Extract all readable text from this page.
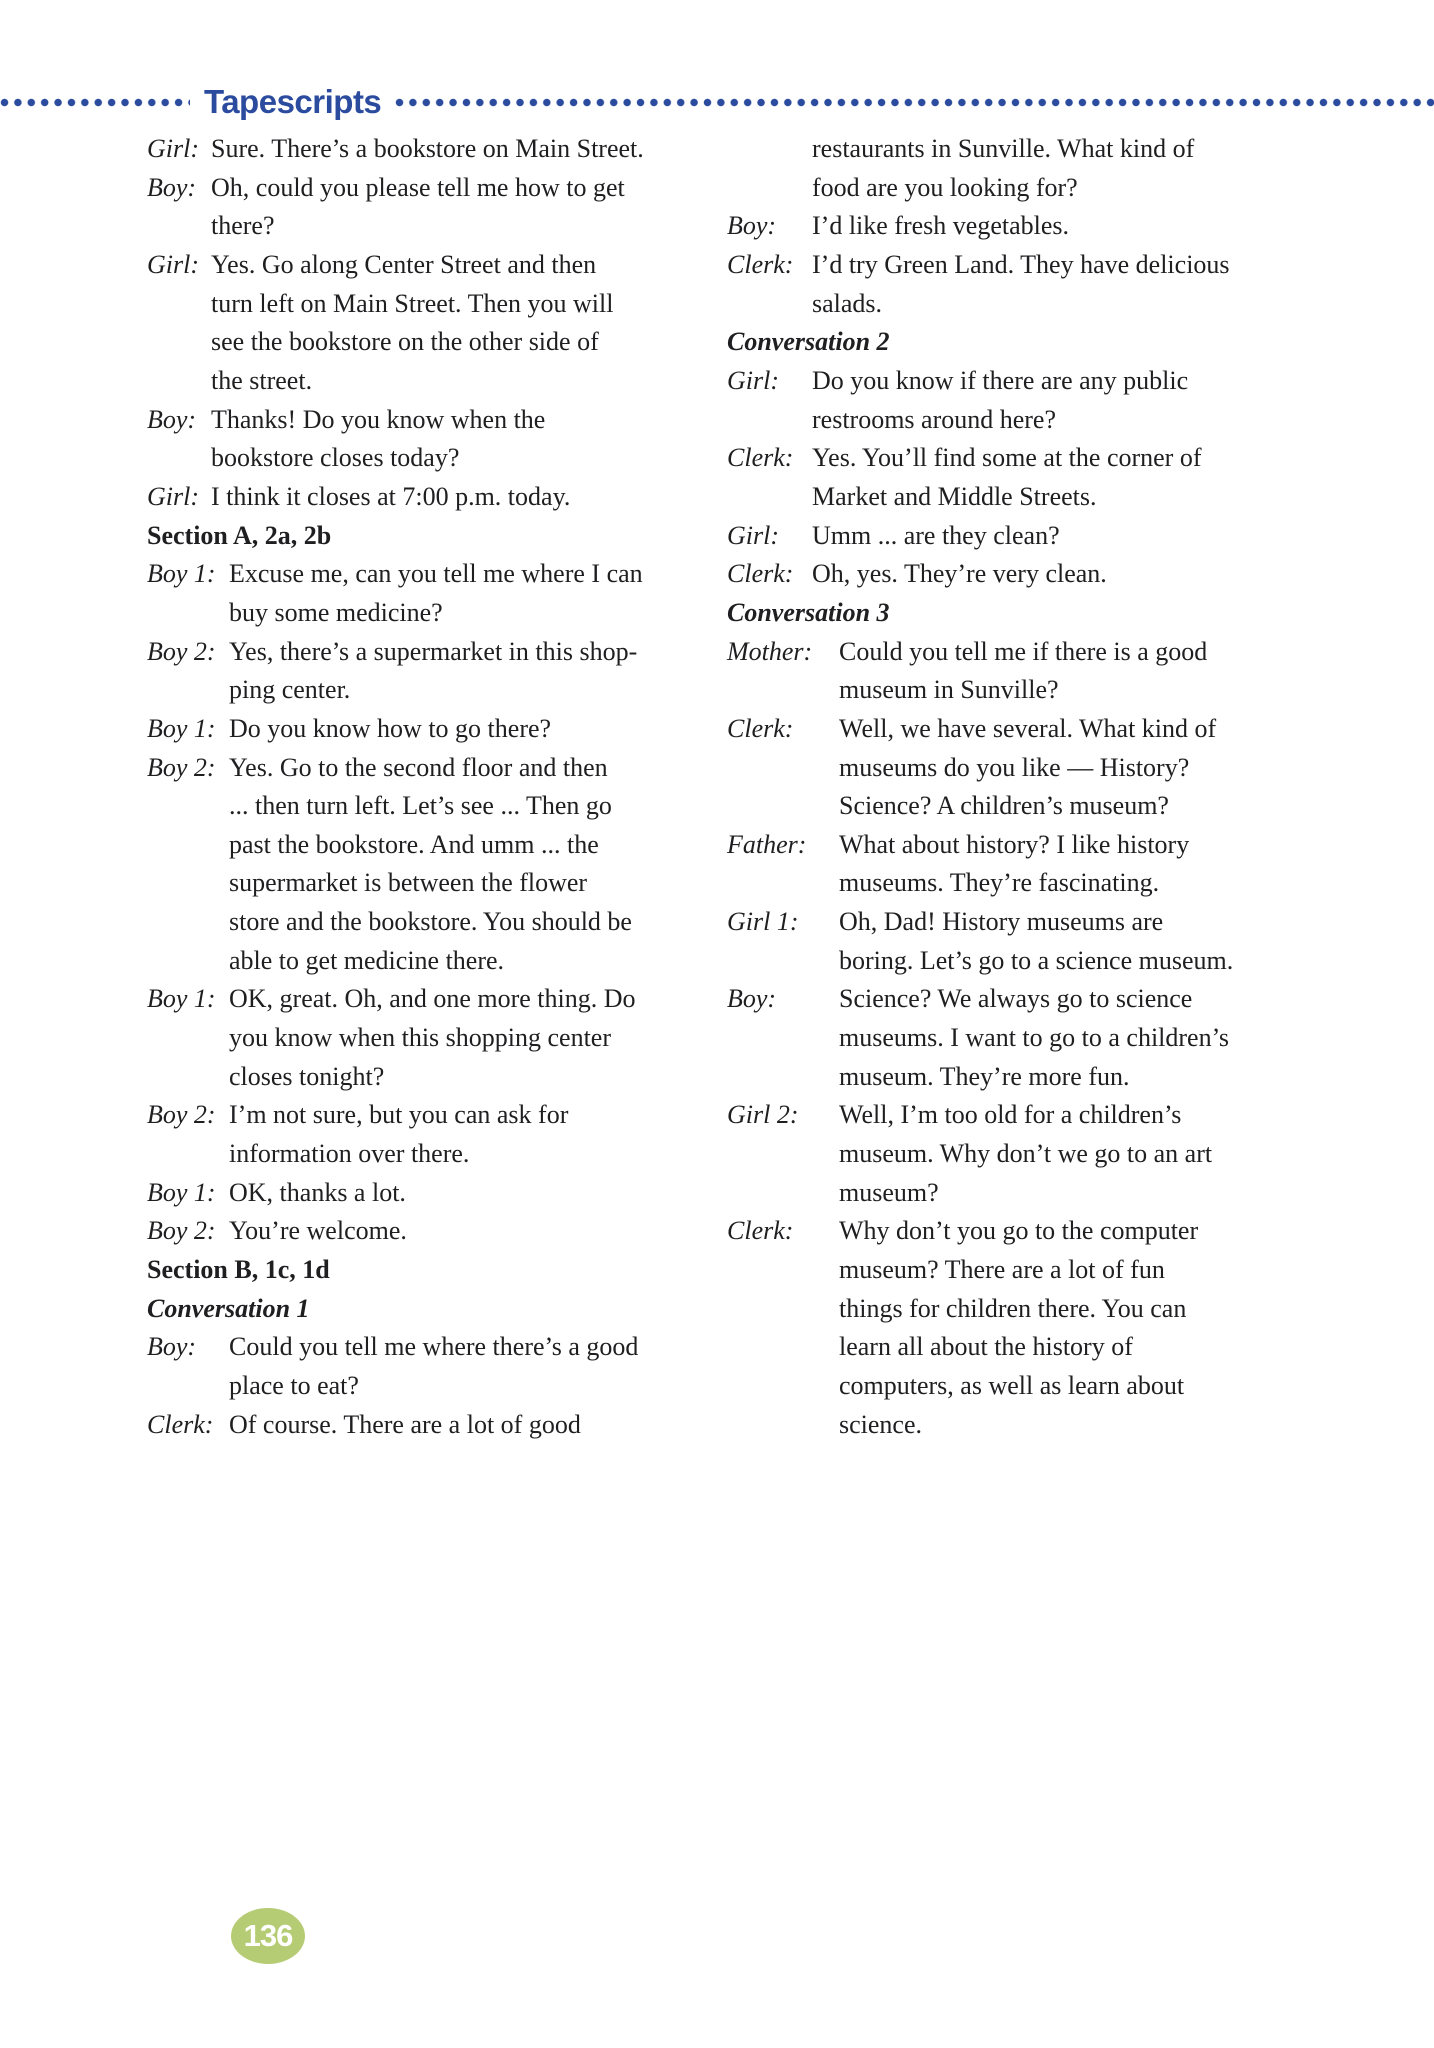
Tapescripts
Girl: Sure. There’s a bookstore on Main Street.
Boy: Oh, could you please tell me how to get
there?
Girl: Yes. Go along Center Street and then
turn left on Main Street. Then you will
see the bookstore on the other side of
the street.
Boy: Thanks! Do you know when the
bookstore closes today?
Girl: I think it closes at 7:00 p.m. today.
Section A, 2a, 2b
Boy 1: Excuse me, can you tell me where I can
buy some medicine?
Boy 2: Yes, there’s a supermarket in this shop-
ping center.
Boy 1: Do you know how to go there?
Boy 2: Yes. Go to the second floor and then
... then turn left. Let’s see ... Then go
past the bookstore. And umm ... the
supermarket is between the flower
store and the bookstore. You should be
able to get medicine there.
Boy 1: OK, great. Oh, and one more thing. Do
you know when this shopping center
closes tonight?
Boy 2: I’m not sure, but you can ask for
information over there.
Boy 1: OK, thanks a lot.
Boy 2: You’re welcome.
Section B, 1c, 1d
Conversation 1
Boy:	Could you tell me where there’s a good
place to eat?
Clerk: Of course. There are a lot of good
restaurants in Sunville. What kind of
food are you looking for?
Boy:	I’d like fresh vegetables.
Clerk: I’d try Green Land. They have delicious
salads.
Conversation 2
Girl:	Do you know if there are any public
restrooms around here?
Clerk: Yes. You’ll find some at the corner of
Market and Middle Streets.
Girl:	Umm ... are they clean?
Clerk: Oh, yes. They’re very clean.
Conversation 3
Mother:	Could you tell me if there is a good
museum in Sunville?
Clerk:	Well, we have several. What kind of
museums do you like — History?
Science? A children’s museum?
Father:	What about history? I like history
museums. They’re fascinating.
Girl 1:	Oh, Dad! History museums are
boring. Let’s go to a science museum.
Boy:	Science? We always go to science
museums. I want to go to a children’s
museum. They’re more fun.
Girl 2:	Well, I’m too old for a children’s
museum. Why don’t we go to an art
museum?
Clerk:	Why don’t you go to the computer
museum? There are a lot of fun
things for children there. You can
learn all about the history of
computers, as well as learn about
science.
136
